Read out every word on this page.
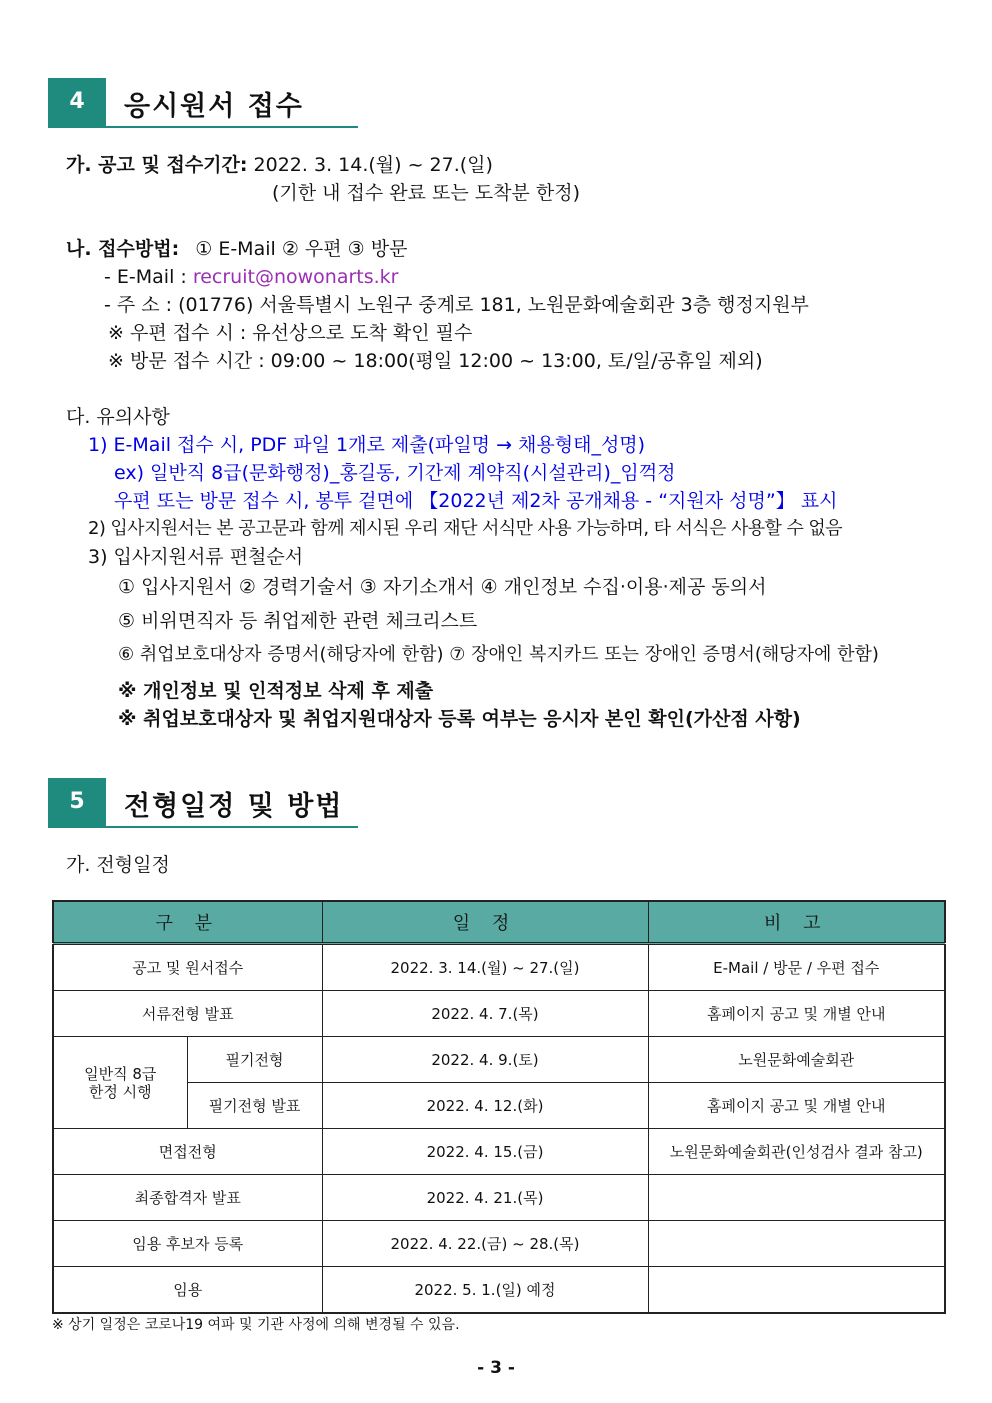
4	응시원서 접수
가. 공고 및 접수기간: 2022. 3. 14.(월) ~ 27.(일)
(기한 내 접수 완료 또는 도착분 한정)
나. 접수방법: ① E-Mail ② 우편 ③ 방문
- E-Mail : recruit@nowonarts.kr
- 주 소 : (01776) 서울특별시 노원구 중계로 181, 노원문화예술회관 3층 행정지원부
※ 우편 접수 시 : 유선상으로 도착 확인 필수
※ 방문 접수 시간 : 09:00 ~ 18:00(평일 12:00 ~ 13:00, 토/일/공휴일 제외)
다. 유의사항
1) E-Mail 접수 시, PDF 파일 1개로 제출(파일명 → 채용형태_성명)
ex) 일반직 8급(문화행정)_홍길동, 기간제 계약직(시설관리)_임꺽정
우편 또는 방문 접수 시, 봉투 겉면에 【2022년 제2차 공개채용 - “지원자 성명”】 표시
2) 입사지원서는 본 공고문과 함께 제시된 우리 재단 서식만 사용 가능하며, 타 서식은 사용할 수 없음
3) 입사지원서류 편철순서
① 입사지원서 ② 경력기술서 ③ 자기소개서 ④ 개인정보 수집·이용·제공 동의서
⑤ 비위면직자 등 취업제한 관련 체크리스트
⑥ 취업보호대상자 증명서(해당자에 한함) ⑦ 장애인 복지카드 또는 장애인 증명서(해당자에 한함)
※ 개인정보 및 인적정보 삭제 후 제출
※ 취업보호대상자 및 취업지원대상자 등록 여부는 응시자 본인 확인(가산점 사항)
5	전형일정 및 방법
가. 전형일정
구 분		일 정	비 고
공고 및 원서접수		2022. 3. 14.(월) ~ 27.(일)	E-Mail / 방문 / 우편 접수
서류전형 발표		2022. 4. 7.(목)	홈페이지 공고 및 개별 안내
일반직 8급
한정 시행	필기전형	2022. 4. 9.(토)	노원문화예술회관
	필기전형 발표	2022. 4. 12.(화)	홈페이지 공고 및 개별 안내
면접전형		2022. 4. 15.(금)	노원문화예술회관(인성검사 결과 참고)
최종합격자 발표		2022. 4. 21.(목)	
임용 후보자 등록		2022. 4. 22.(금) ~ 28.(목)	
임용		2022. 5. 1.(일) 예정	
※ 상기 일정은 코로나19 여파 및 기관 사정에 의해 변경될 수 있음.
- 3 -
